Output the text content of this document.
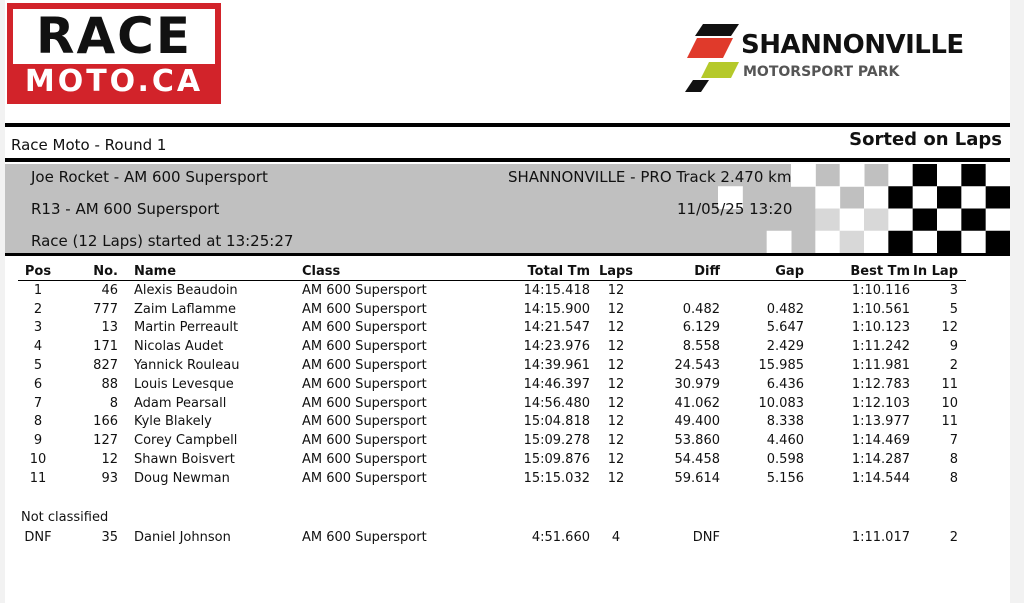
RACE
MOTO.CA
SHANNONVILLE
MOTORSPORT PARK
Race Moto - Round 1	Sorted on Laps
Joe Rocket - AM 600 Supersport	SHANNONVILLE - PRO Track 2.470 km
R13 - AM 600 Supersport	11/05/25 13:20
Race (12 Laps) started at 13:25:27
Pos	No.	Name	Class	Total Tm	Laps	Diff	Gap	Best Tm	In Lap
1	46	Alexis Beaudoin	AM 600 Supersport	14:15.418	12			1:10.116	3
2	777	Zaim Laflamme	AM 600 Supersport	14:15.900	12	0.482	0.482	1:10.561	5
3	13	Martin Perreault	AM 600 Supersport	14:21.547	12	6.129	5.647	1:10.123	12
4	171	Nicolas Audet	AM 600 Supersport	14:23.976	12	8.558	2.429	1:11.242	9
5	827	Yannick Rouleau	AM 600 Supersport	14:39.961	12	24.543	15.985	1:11.981	2
6	88	Louis Levesque	AM 600 Supersport	14:46.397	12	30.979	6.436	1:12.783	11
7	8	Adam Pearsall	AM 600 Supersport	14:56.480	12	41.062	10.083	1:12.103	10
8	166	Kyle Blakely	AM 600 Supersport	15:04.818	12	49.400	8.338	1:13.977	11
9	127	Corey Campbell	AM 600 Supersport	15:09.278	12	53.860	4.460	1:14.469	7
10	12	Shawn Boisvert	AM 600 Supersport	15:09.876	12	54.458	0.598	1:14.287	8
11	93	Doug Newman	AM 600 Supersport	15:15.032	12	59.614	5.156	1:14.544	8
Not classified
DNF	35	Daniel Johnson	AM 600 Supersport	4:51.660	4	DNF		1:11.017	2
